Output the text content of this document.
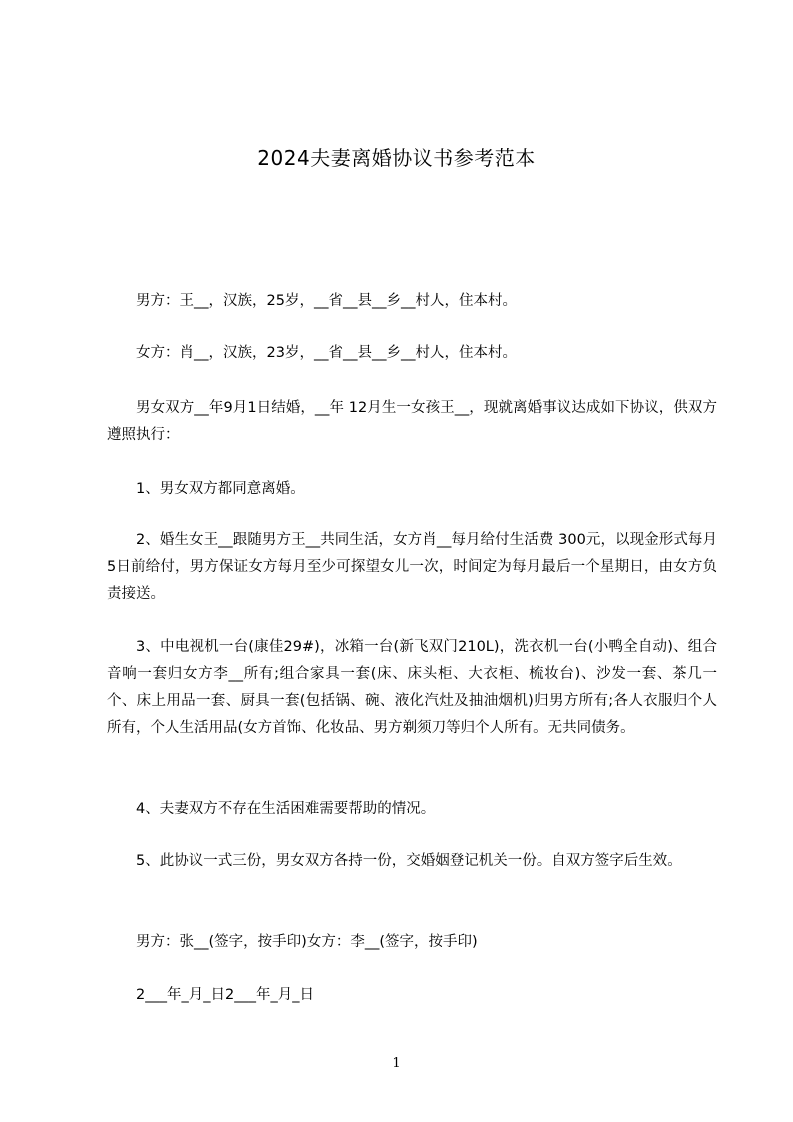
2024夫妻离婚协议书参考范本
男方：王__，汉族，25岁，__省__县__乡__村人，住本村。
女方：肖__，汉族，23岁，__省__县__乡__村人，住本村。
男女双方__年9月1日结婚，__年 12月生一女孩王__，现就离婚事议达成如下协议，供双方遵照执行：
1、男女双方都同意离婚。
2、婚生女王__跟随男方王__共同生活，女方肖__每月给付生活费 300元，以现金形式每月5日前给付，男方保证女方每月至少可探望女儿一次，时间定为每月最后一个星期日，由女方负责接送。
3、中电视机一台(康佳29#)，冰箱一台(新飞双门210L)，洗衣机一台(小鸭全自动)、组合音响一套归女方李__所有;组合家具一套(床、床头柜、大衣柜、梳妆台)、沙发一套、茶几一个、床上用品一套、厨具一套(包括锅、碗、液化汽灶及抽油烟机)归男方所有;各人衣服归个人所有，个人生活用品(女方首饰、化妆品、男方剃须刀等归个人所有。无共同债务。
4、夫妻双方不存在生活困难需要帮助的情况。
5、此协议一式三份，男女双方各持一份，交婚姻登记机关一份。自双方签字后生效。
男方：张__(签字，按手印)女方：李__(签字，按手印)
2___年_月_日2___年_月_日
1
